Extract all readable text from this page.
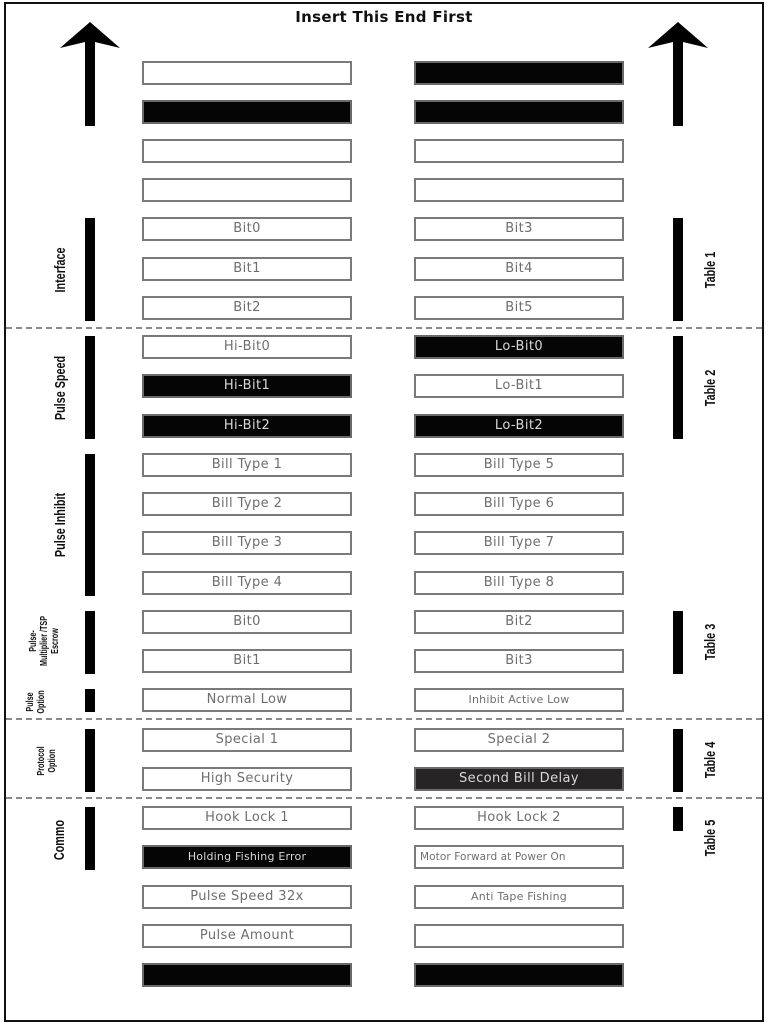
Insert This End First
Bit0	Bit3
Bit1	Bit4
Bit2	Bit5
Hi-Bit0	Lo-Bit0
Hi-Bit1	Lo-Bit1
Hi-Bit2	Lo-Bit2
Bill Type 1	Bill Type 5
Bill Type 2	Bill Type 6
Bill Type 3	Bill Type 7
Bill Type 4	Bill Type 8
Bit0	Bit2
Bit1	Bit3
Normal Low	Inhibit Active Low
Special 1	Special 2
High Security	Second Bill Delay
Hook Lock 1	Hook Lock 2
Holding Fishing Error	Motor Forward at Power On
Pulse Speed 32x	Anti Tape Fishing
Pulse Amount
Interface
Pulse Speed
Pulse Inhibit
Pulse-Multiplier /TSP Escrow
Pulse Option
Protocol Option
Commo
Table 1
Table 2
Table 3
Table 4
Table 5
